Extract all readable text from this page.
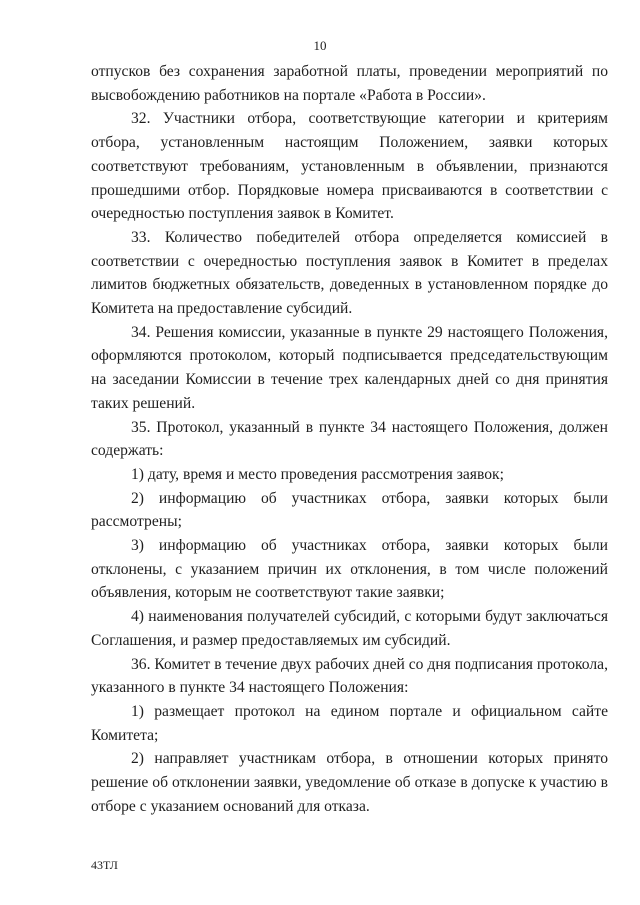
10

отпусков без сохранения заработной платы, проведении мероприятий по высвобождению работников на портале «Работа в России».

32. Участники отбора, соответствующие категории и критериям отбора, установленным настоящим Положением, заявки которых соответствуют требованиям, установленным в объявлении, признаются прошедшими отбор. Порядковые номера присваиваются в соответствии с очередностью поступления заявок в Комитет.

33. Количество победителей отбора определяется комиссией в соответствии с очередностью поступления заявок в Комитет в пределах лимитов бюджетных обязательств, доведенных в установленном порядке до Комитета на предоставление субсидий.

34. Решения комиссии, указанные в пункте 29 настоящего Положения, оформляются протоколом, который подписывается председательствующим на заседании Комиссии в течение трех календарных дней со дня принятия таких решений.

35. Протокол, указанный в пункте 34 настоящего Положения, должен содержать:

1) дату, время и место проведения рассмотрения заявок;

2) информацию об участниках отбора, заявки которых были рассмотрены;

3) информацию об участниках отбора, заявки которых были отклонены, с указанием причин их отклонения, в том числе положений объявления, которым не соответствуют такие заявки;

4) наименования получателей субсидий, с которыми будут заключаться Соглашения, и размер предоставляемых им субсидий.

36. Комитет в течение двух рабочих дней со дня подписания протокола, указанного в пункте 34 настоящего Положения:

1) размещает протокол на едином портале и официальном сайте Комитета;

2) направляет участникам отбора, в отношении которых принято решение об отклонении заявки, уведомление об отказе в допуске к участию в отборе с указанием оснований для отказа.

43ТЛ
